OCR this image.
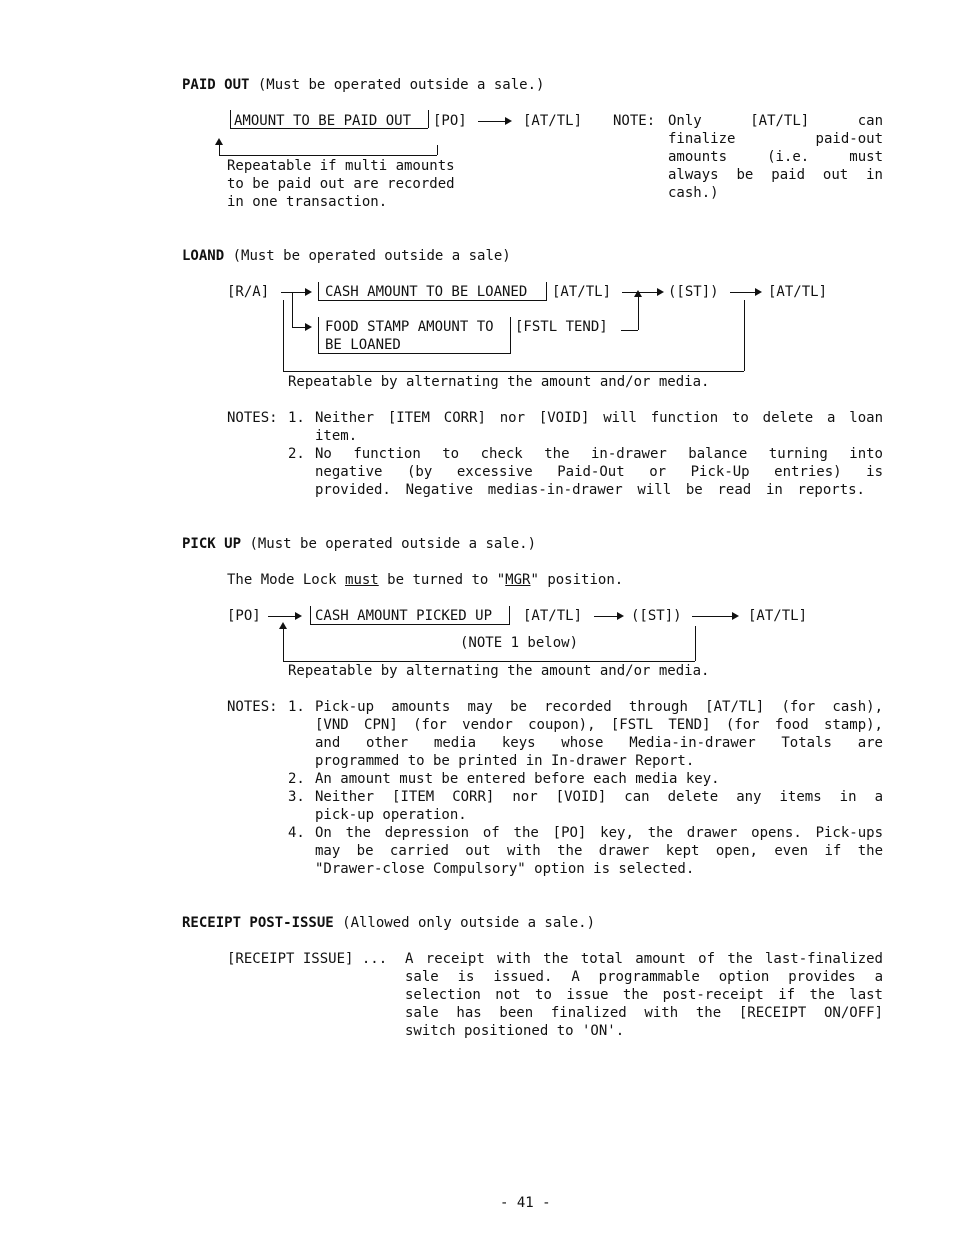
PAID OUT (Must be operated outside a sale.)
AMOUNT TO BE PAID OUT [PO]	[AT/TL]
Repeatable if multi amounts
to be paid out are recorded
in one transaction.
NOTE: Only [AT/TL] can
finalize paid-out
amounts (i.e. must
always be paid out in
cash.)
LOAND (Must be operated outside a sale)
[R/A]	CASH AMOUNT TO BE LOANED [AT/TL]	([ST])	[AT/TL]
FOOD STAMP AMOUNT TO
BE LOANED
[FSTL TEND]
Repeatable by alternating the amount and/or media.
NOTES: 1. Neither [ITEM CORR] nor [VOID] will function to delete a loan
item.
2. No function to check the in-drawer balance turning into
negative (by excessive Paid-Out or Pick-Up entries) is
provided. Negative medias-in-drawer will be read in reports.
PICK UP (Must be operated outside a sale.)
The Mode Lock must be turned to "MGR" position.
[PO]	CASH AMOUNT PICKED UP [AT/TL]	([ST])	[AT/TL]
(NOTE 1 below)
Repeatable by alternating the amount and/or media.
NOTES: 1. Pick-up amounts may be recorded through [AT/TL] (for cash),
[VND CPN] (for vendor coupon), [FSTL TEND] (for food stamp),
and other media keys whose Media-in-drawer Totals are
programmed to be printed in In-drawer Report.
2. An amount must be entered before each media key.
3. Neither [ITEM CORR] nor [VOID] can delete any items in a
pick-up operation.
4. On the depression of the [PO] key, the drawer opens. Pick-ups
may be carried out with the drawer kept open, even if the
"Drawer-close Compulsory" option is selected.
RECEIPT POST-ISSUE (Allowed only outside a sale.)
[RECEIPT ISSUE] ... A receipt with the total amount of the last-finalized
sale is issued. A programmable option provides a
selection not to issue the post-receipt if the last
sale has been finalized with the [RECEIPT ON/OFF]
switch positioned to 'ON'.
- 41 -
